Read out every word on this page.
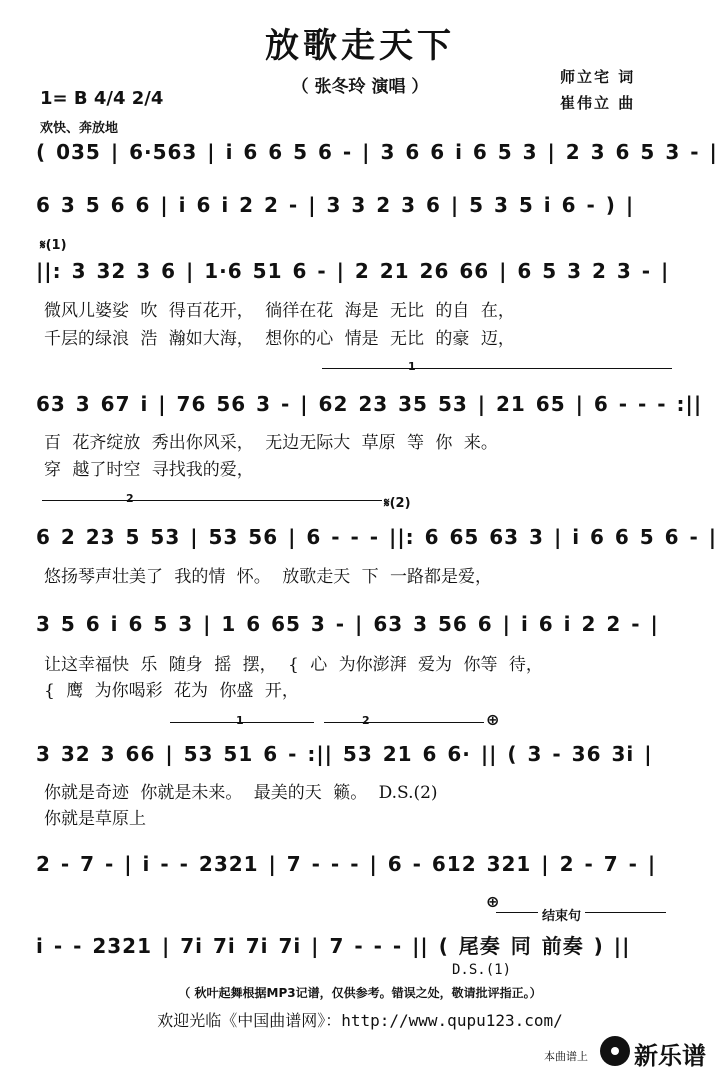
放歌走天下
（ 张冬玲 演唱 ）	师立宅 词
崔伟立 曲
1= B 4/4 2/4
欢快、奔放地
( 035 | 6·563 | i 6 6 5 6 - | 3 6 6 i 6 5 3 | 2 3 6 5 3 - |
6 3 5 6 6 | i 6 i 2 2 - | 3 3 2 3 6 | 5 3 5 i 6 - ) |
𝄋(1)
||: 3 32 3 6 | 1·6 51 6 - | 2 21 26 66 | 6 5 3 2 3 - |
微风儿婆娑 吹 得百花开， 徜徉在花 海是 无比 的自 在，
千层的绿浪 浩 瀚如大海， 想你的心 情是 无比 的豪 迈，
1
63 3 67 i | 76 56 3 - | 62 23 35 53 | 21 65 | 6 - - - :||
百 花齐绽放 秀出你风采， 无边无际大 草原 等 你 来。
穿 越了时空 寻找我的爱，
2	𝄋(2)
6 2 23 5 53 | 53 56 | 6 - - - ||: 6 65 63 3 | i 6 6 5 6 - |
悠扬琴声壮美了 我的情 怀。 放歌走天 下 一路都是爱，
3 5 6 i 6 5 3 | 1 6 65 3 - | 63 3 56 6 | i 6 i 2 2 - |
让这幸福快 乐 随身 摇 摆， { 心 为你澎湃 爱为 你等 待，
{ 鹰 为你喝彩 花为 你盛 开，
1	2	⊕
3 32 3 66 | 53 51 6 - :|| 53 21 6 6· || ( 3 - 36 3i |
你就是奇迹 你就是未来。 最美的天 籁。 D.S.(2)
你就是草原上
2 - 7 - | i - - 2321 | 7 - - - | 6 - 612 321 | 2 - 7 - |
⊕
结束句
i - - 2321 | 7i 7i 7i 7i | 7 - - - || ( 尾奏 同 前奏 ) ||
D.S.(1)
（ 秋叶起舞根据MP3记谱，仅供参考。错误之处，敬请批评指正。）
欢迎光临《中国曲谱网》：http://www.qupu123.com/
本曲谱上 新乐谱
